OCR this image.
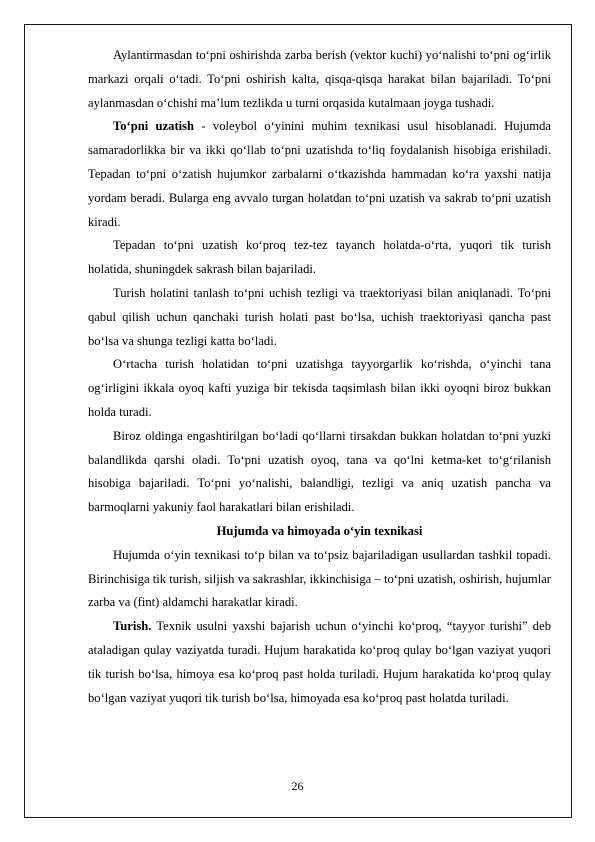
Aylantirmasdan to‘pni oshirishda zarba berish (vektor kuchi) yo‘nalishi to‘pni og‘irlik markazi orqali o‘tadi. To‘pni oshirish kalta, qisqa-qisqa harakat bilan bajariladi. To‘pni aylanmasdan o‘chishi ma’lum tezlikda u turni orqasida kutalmaan joyga tushadi.

To‘pni uzatish - voleybol o‘yinini muhim texnikasi usul hisoblanadi. Hujumda samaradorlikka bir va ikki qo‘llab to‘pni uzatishda to‘liq foydalanish hisobiga erishiladi. Tepadan to‘pni o‘zatish hujumkor zarbalarni o‘tkazishda hammadan ko‘ra yaxshi natija yordam beradi. Bularga eng avvalo turgan holatdan to‘pni uzatish va sakrab to‘pni uzatish kiradi.

Tepadan to‘pni uzatish ko‘proq tez-tez tayanch holatda-o‘rta, yuqori tik turish holatida, shuningdek sakrash bilan bajariladi.

Turish holatini tanlash to‘pni uchish tezligi va traektoriyasi bilan aniqlanadi. To‘pni qabul qilish uchun qanchaki turish holati past bo‘lsa, uchish traektoriyasi qancha past bo‘lsa va shunga tezligi katta bo‘ladi.

O‘rtacha turish holatidan to‘pni uzatishga tayyorgarlik ko‘rishda, o‘yinchi tana og‘irligini ikkala oyoq kafti yuziga bir tekisda taqsimlash bilan ikki oyoqni biroz bukkan holda turadi.

Biroz oldinga engashtirilgan bo‘ladi qo‘llarni tirsakdan bukkan holatdan to‘pni yuzki balandlikda qarshi oladi. To‘pni uzatish oyoq, tana va qo‘lni ketma-ket to‘g‘rilanish hisobiga bajariladi. To‘pni yo‘nalishi, balandligi, tezligi va aniq uzatish pancha va barmoqlarni yakuniy faol harakatlari bilan erishiladi.

Hujumda va himoyada o‘yin texnikasi

Hujumda o‘yin texnikasi to‘p bilan va to‘psiz bajariladigan usullardan tashkil topadi. Birinchisiga tik turish, siljish va sakrashlar, ikkinchisiga – to‘pni uzatish, oshirish, hujumlar zarba va (fint) aldamchi harakatlar kiradi.

Turish. Texnik usulni yaxshi bajarish uchun o‘yinchi ko‘proq, “tayyor turishi” deb ataladigan qulay vaziyatda turadi. Hujum harakatida ko‘proq qulay bo‘lgan vaziyat yuqori tik turish bo‘lsa, himoya esa ko‘proq past holda turiladi. Hujum harakatida ko‘proq qulay bo‘lgan vaziyat yuqori tik turish bo‘lsa, himoyada esa ko‘proq past holatda turiladi.

26
